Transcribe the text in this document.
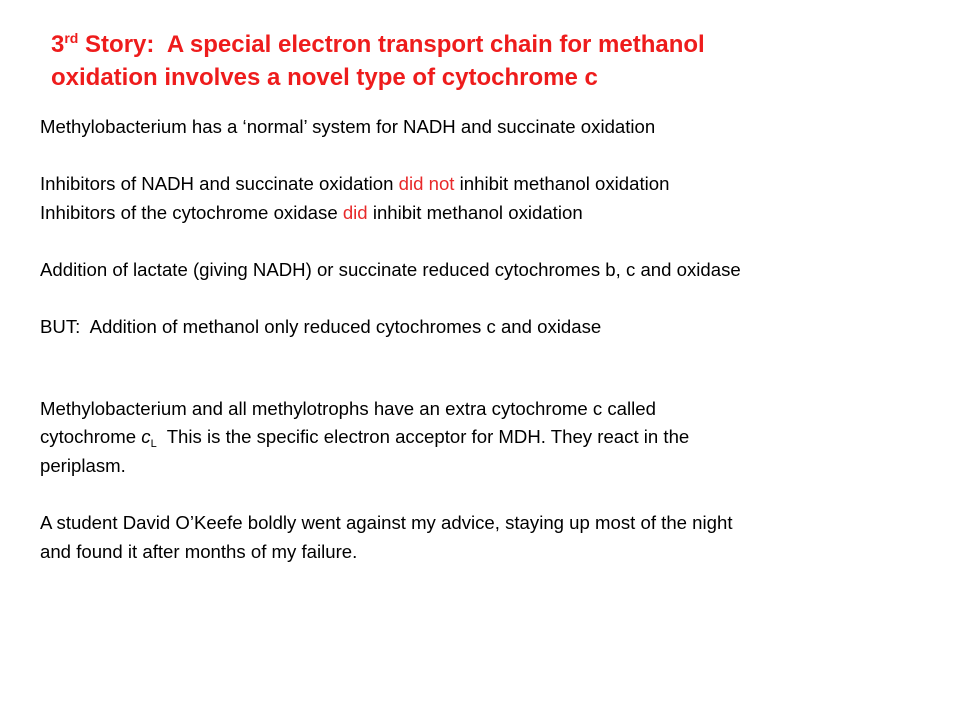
3rd Story:  A special electron transport chain for methanol
oxidation involves a novel type of cytochrome c
Methylobacterium has a ‘normal’ system for NADH and succinate oxidation
Inhibitors of NADH and succinate oxidation did not inhibit methanol oxidation
Inhibitors of the cytochrome oxidase did inhibit methanol oxidation
Addition of lactate (giving NADH) or succinate reduced cytochromes b, c and oxidase
BUT:  Addition of methanol only reduced cytochromes c and oxidase
Methylobacterium and all methylotrophs have an extra cytochrome c called
cytochrome $c_L$  This is the specific electron acceptor for MDH. They react in the
periplasm.
A student David O’Keefe boldly went against my advice, staying up most of the night
and found it after months of my failure.
